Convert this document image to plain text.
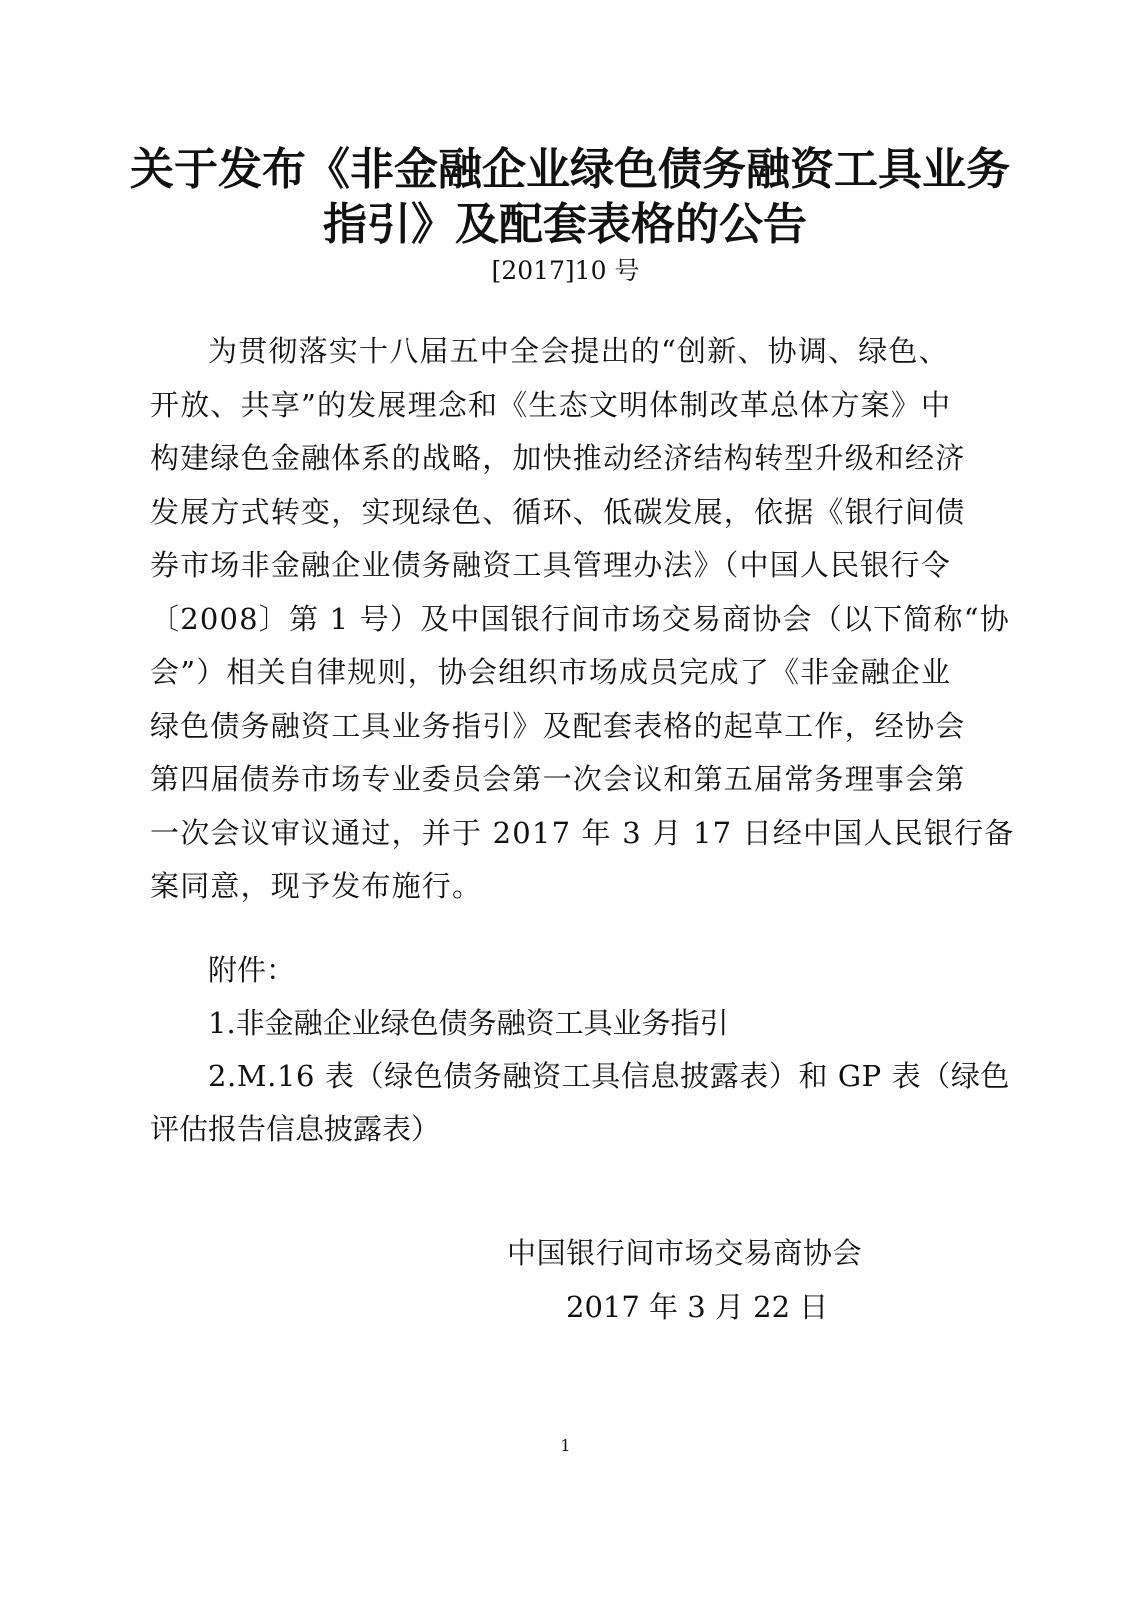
关于发布《非金融企业绿色债务融资工具业务
指引》及配套表格的公告
[2017]10 号
为贯彻落实十八届五中全会提出的“创新、协调、绿色、
开放、共享”的发展理念和《生态文明体制改革总体方案》中
构建绿色金融体系的战略，加快推动经济结构转型升级和经济
发展方式转变，实现绿色、循环、低碳发展，依据《银行间债
券市场非金融企业债务融资工具管理办法》（中国人民银行令
〔2008〕第 1 号）及中国银行间市场交易商协会（以下简称“协
会”）相关自律规则，协会组织市场成员完成了《非金融企业
绿色债务融资工具业务指引》及配套表格的起草工作，经协会
第四届债券市场专业委员会第一次会议和第五届常务理事会第
一次会议审议通过，并于 2017 年 3 月 17 日经中国人民银行备
案同意，现予发布施行。
附件：
1.非金融企业绿色债务融资工具业务指引
2.M.16 表（绿色债务融资工具信息披露表）和 GP 表（绿色
评估报告信息披露表）
中国银行间市场交易商协会
2017 年 3 月 22 日
1
